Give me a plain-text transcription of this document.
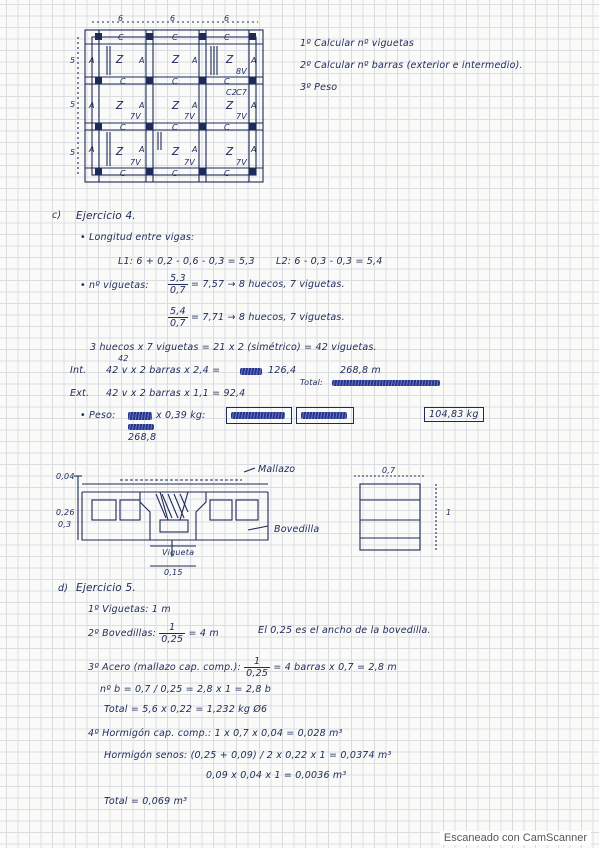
6	6	6
5
5
5
C	C	C
C	C	C
C	C	C
C	C	C
A	A	A	A
A	A	A	A
A	A	A	A
Z	Z	Z
Z	Z	Z
Z	Z	Z
7V	7V	7V
7V	7V	7V
8V
C2
C7
1º Calcular nº viguetas
2º Calcular nº barras (exterior e intermedio).
3º Peso
c) Ejercicio 4.
• Longitud entre vigas:
L1: 6 + 0,2 - 0,6 - 0,3 = 5,3 L2: 6 - 0,3 - 0,3 = 5,4
• nº viguetas: $\frac{5,3}{0,7} = 7,57 \to 8$ huecos, 7 viguetas.
$\frac{5,4}{0,7} = 7,71 \to 8$ huecos, 7 viguetas.
3 huecos x 7 viguetas = 21 x 2 (simétrico) = 42 viguetas.
42
Int. 42 v x 2 barras x 2,4 =	126,4	268,8 m
Total:
Ext. 42 v x 2 barras x 1,1 = 92,4
• Peso:	x 0,39 kg:	104,83 kg
268,8
0,04
0,26
0,3
Mallazo
Bovedilla
Vigueta
0,15
0,7
1
d) Ejercicio 5.
1º Viguetas: 1 m
2º Bovedillas: $\frac{1}{0,25} = 4$ m	El 0,25 es el ancho de la bovedilla.
3º Acero (mallazo cap. comp.): $\frac{1}{0,25} = 4$ barras x 0,7 = 2,8 m
nº b = 0,7 / 0,25 = 2,8 x 1 = 2,8 b
Total = 5,6 x 0,22 = 1,232 kg Ø6
4º Hormigón cap. comp.: 1 x 0,7 x 0,04 = 0,028 m³
Hormigón senos: (0,25 + 0,09) / 2 x 0,22 x 1 = 0,0374 m³
0,09 x 0,04 x 1 = 0,0036 m³
Total = 0,069 m³
Escaneado con CamScanner
